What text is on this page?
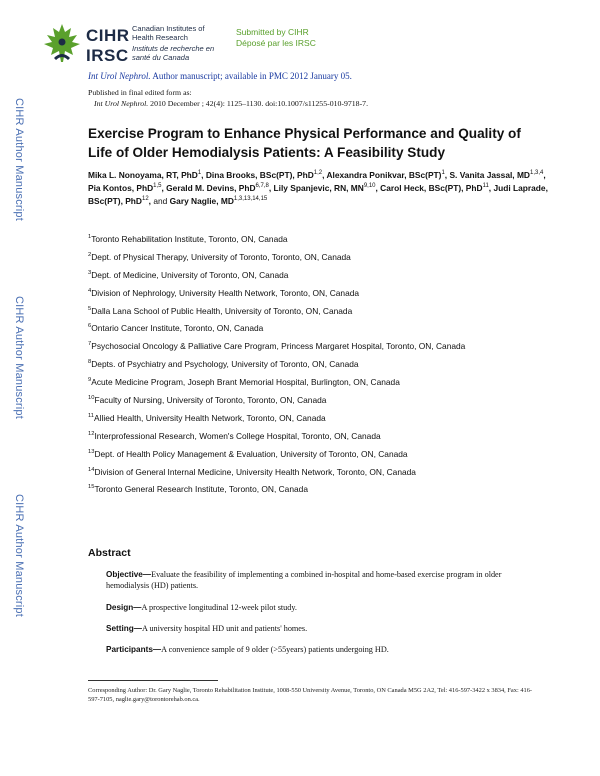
CIHR
IRSC
Canadian Institutes of Health Research
Instituts de recherche en santé du Canada
Submitted by CIHR
Déposé par les IRSC
Int Urol Nephrol. Author manuscript; available in PMC 2012 January 05.
Published in final edited form as:
Int Urol Nephrol. 2010 December ; 42(4): 1125–1130. doi:10.1007/s11255-010-9718-7.
CIHR Author Manuscript
CIHR Author Manuscript
CIHR Author Manuscript
Exercise Program to Enhance Physical Performance and Quality of Life of Older Hemodialysis Patients: A Feasibility Study
Mika L. Nonoyama, RT, PhD$^1$, Dina Brooks, BSc(PT), PhD$^{1,2}$, Alexandra Ponikvar, BSc(PT)$^1$, S. Vanita Jassal, MD$^{1,3,4}$, Pia Kontos, PhD$^{1,5}$, Gerald M. Devins, PhD$^{6,7,8}$, Lily Spanjevic, RN, MN$^{9,10}$, Carol Heck, BSc(PT), PhD$^{11}$, Judi Laprade, BSc(PT), PhD$^{12}$, and Gary Naglie, MD$^{1,3,13,14,15}$
$^1$Toronto Rehabilitation Institute, Toronto, ON, Canada
$^2$Dept. of Physical Therapy, University of Toronto, Toronto, ON, Canada
$^3$Dept. of Medicine, University of Toronto, ON, Canada
$^4$Division of Nephrology, University Health Network, Toronto, ON, Canada
$^5$Dalla Lana School of Public Health, University of Toronto, ON, Canada
$^6$Ontario Cancer Institute, Toronto, ON, Canada
$^7$Psychosocial Oncology & Palliative Care Program, Princess Margaret Hospital, Toronto, ON, Canada
$^8$Depts. of Psychiatry and Psychology, University of Toronto, ON, Canada
$^9$Acute Medicine Program, Joseph Brant Memorial Hospital, Burlington, ON, Canada
$^{10}$Faculty of Nursing, University of Toronto, Toronto, ON, Canada
$^{11}$Allied Health, University Health Network, Toronto, ON, Canada
$^{12}$Interprofessional Research, Women's College Hospital, Toronto, ON, Canada
$^{13}$Dept. of Health Policy Management & Evaluation, University of Toronto, ON, Canada
$^{14}$Division of General Internal Medicine, University Health Network, Toronto, ON, Canada
$^{15}$Toronto General Research Institute, Toronto, ON, Canada
Abstract
Objective—Evaluate the feasibility of implementing a combined in-hospital and home-based exercise program in older hemodialysis (HD) patients.
Design—A prospective longitudinal 12-week pilot study.
Setting—A university hospital HD unit and patients' homes.
Participants—A convenience sample of 9 older (>55years) patients undergoing HD.
Corresponding Author: Dr. Gary Naglie, Toronto Rehabilitation Institute, 1008-550 University Avenue, Toronto, ON Canada M5G 2A2, Tel: 416-597-3422 x 3834, Fax: 416-597-7105, naglie.gary@torontorehab.on.ca.
